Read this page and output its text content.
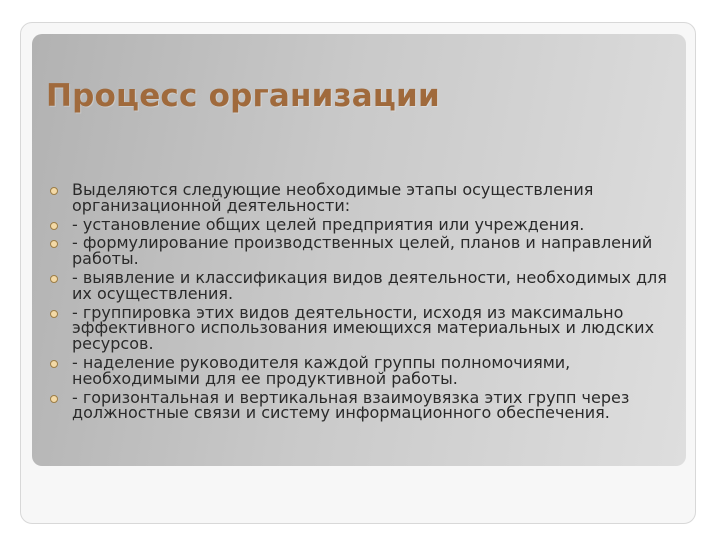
Процесс организации
Выделяются следующие необходимые этапы осуществления организационной деятельности:
- установление общих целей предприятия или учреждения.
- формулирование производственных целей, планов и направлений работы.
- выявление и классификация видов деятельности, необходимых для их осуществления.
- группировка этих видов деятельности, исходя из максимально эффективного использования имеющихся материальных и людских ресурсов.
- наделение руководителя каждой группы полномочиями, необходимыми для ее продуктивной работы.
- горизонтальная и вертикальная взаимоувязка этих групп через должностные связи и систему информационного обеспечения.
